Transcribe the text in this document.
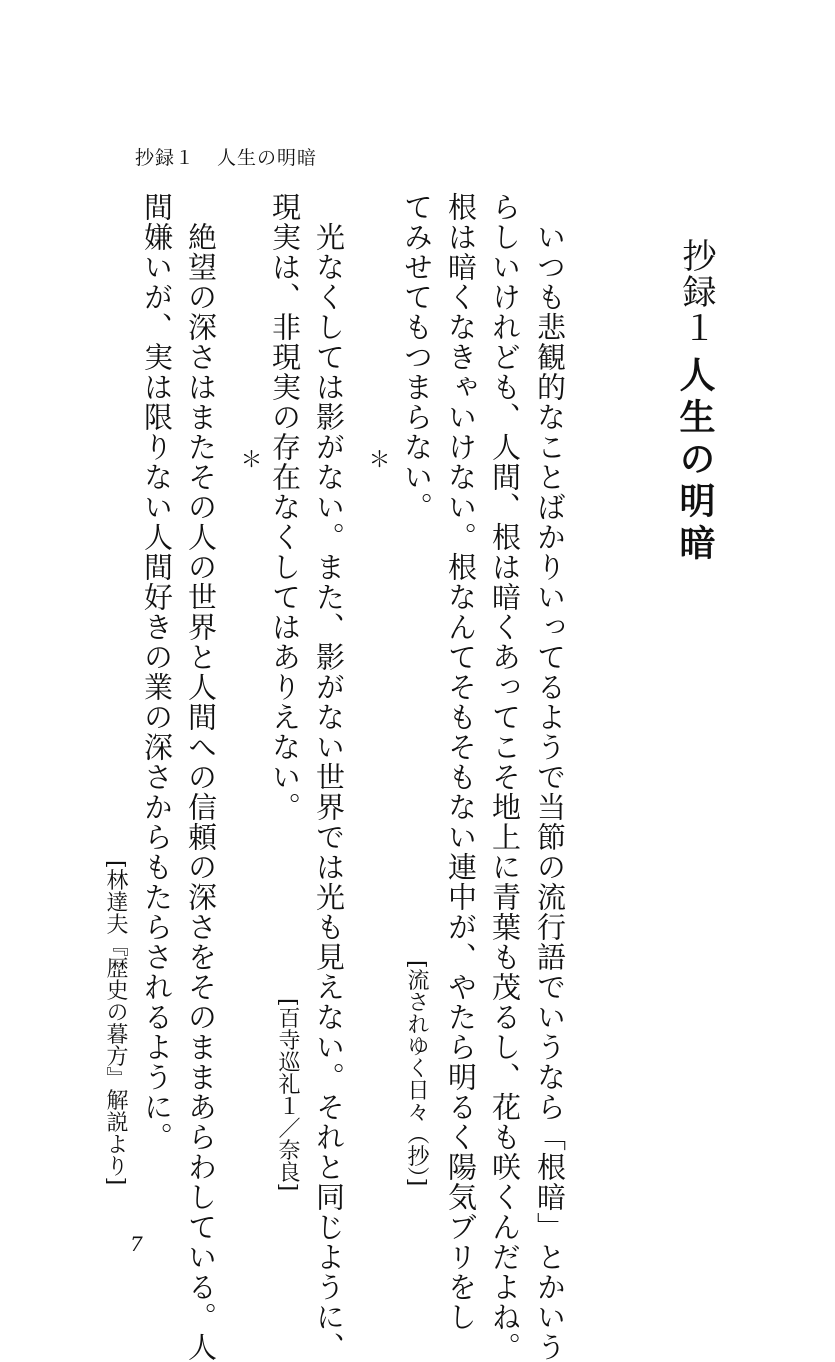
抄録１ 人生の明暗
抄録１
人生の明暗
いつも悲観的なことばかりいってるようで当節の流行語でいうなら「根暗」とかいう
らしいけれども、人間、根は暗くあってこそ地上に青葉も茂るし、花も咲くんだよね。
根は暗くなきゃいけない。根なんてそもそもない連中が、やたら明るく陽気ブリをし
てみせてもつまらない。
[流されゆく日々（抄）]
＊
光なくしては影がない。また、影がない世界では光も見えない。それと同じように、
現実は、非現実の存在なくしてはありえない。
[百寺巡礼１／奈良]
＊
絶望の深さはまたその人の世界と人間への信頼の深さをそのままあらわしている。人
間嫌いが、実は限りない人間好きの業の深さからもたらされるように。
[林達夫『歴史の暮方』解説より]
7
